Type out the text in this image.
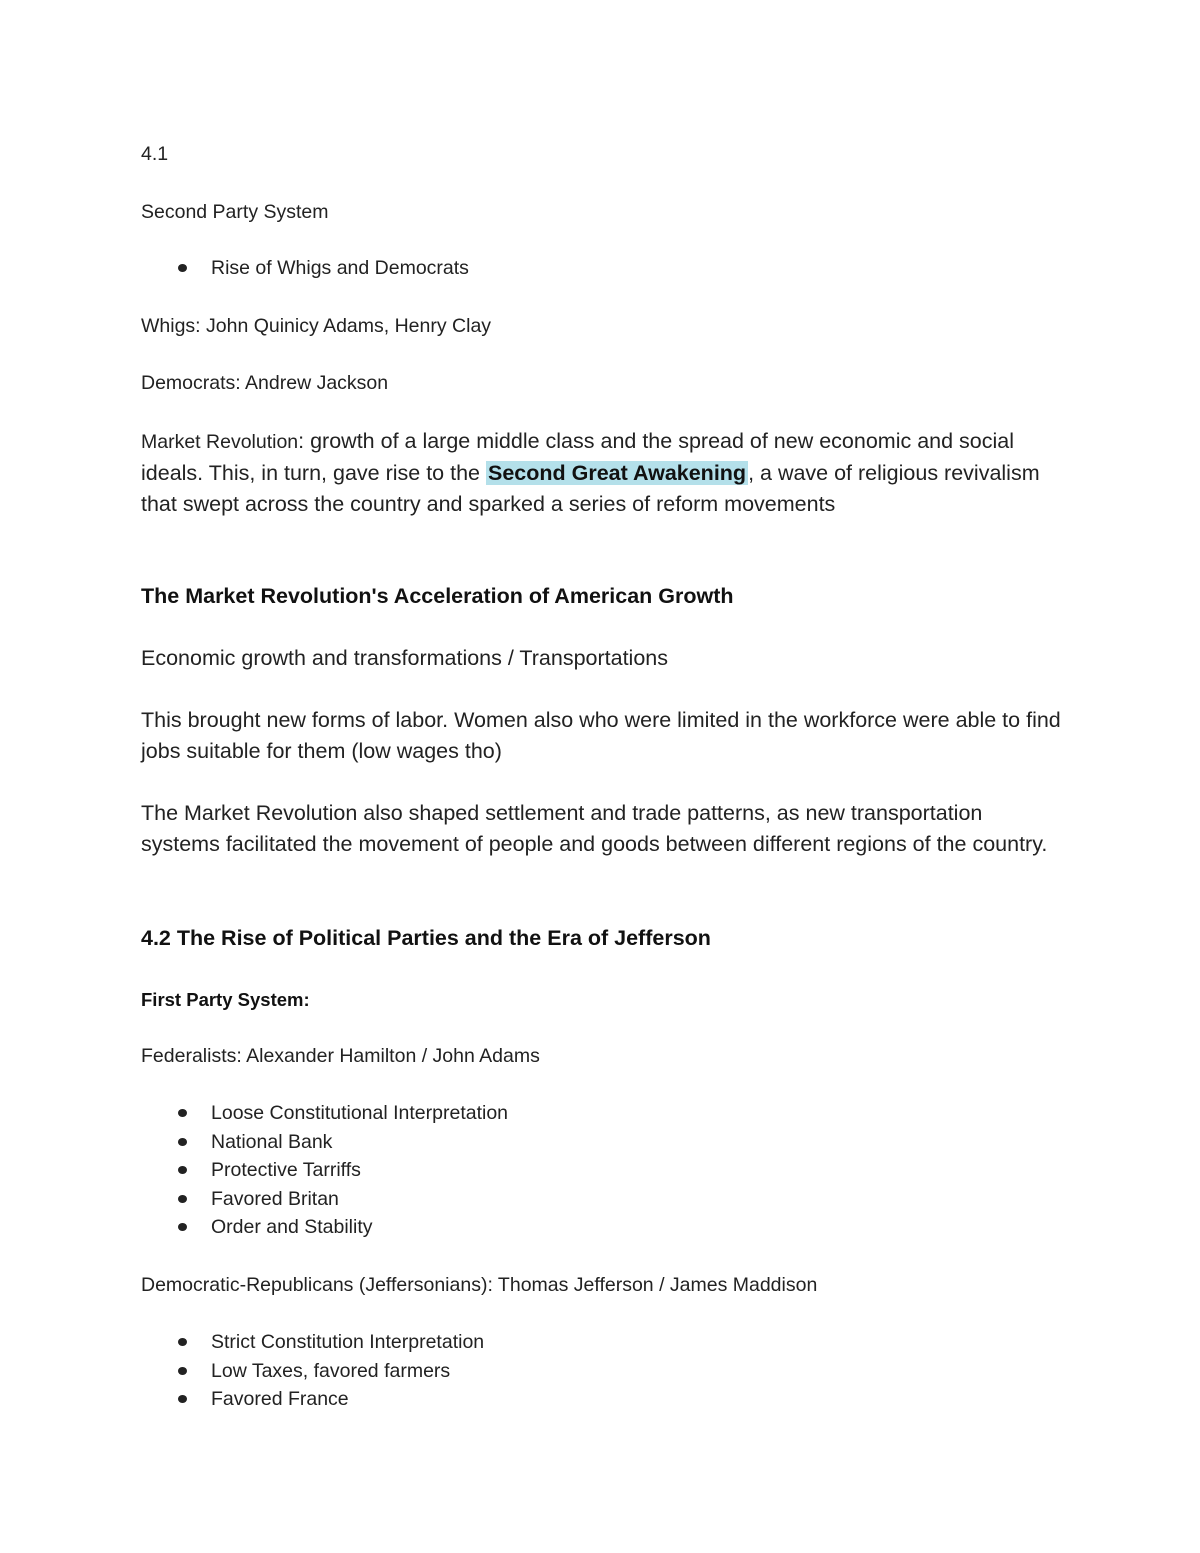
4.1

Second Party System

Rise of Whigs and Democrats

Whigs: John Quinicy Adams, Henry Clay

Democrats: Andrew Jackson

Market Revolution: growth of a large middle class and the spread of new economic and social ideals. This, in turn, gave rise to the Second Great Awakening, a wave of religious revivalism that swept across the country and sparked a series of reform movements

The Market Revolution's Acceleration of American Growth

Economic growth and transformations / Transportations

This brought new forms of labor. Women also who were limited in the workforce were able to find jobs suitable for them (low wages tho)

The Market Revolution also shaped settlement and trade patterns, as new transportation systems facilitated the movement of people and goods between different regions of the country.

4.2 The Rise of Political Parties and the Era of Jefferson

First Party System:

Federalists: Alexander Hamilton / John Adams

Loose Constitutional Interpretation
National Bank
Protective Tarriffs
Favored Britan
Order and Stability

Democratic-Republicans (Jeffersonians): Thomas Jefferson / James Maddison

Strict Constitution Interpretation
Low Taxes, favored farmers
Favored France
